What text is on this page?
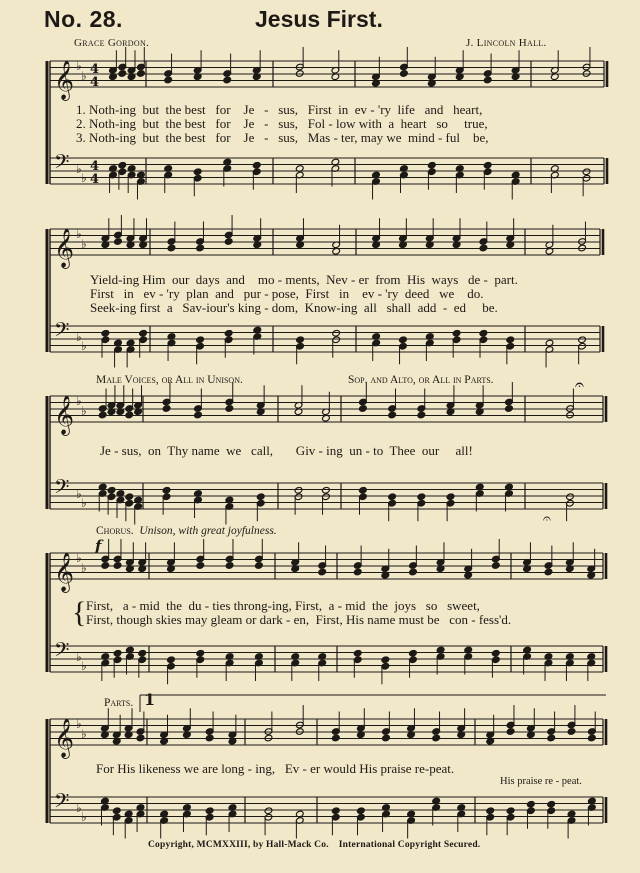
No. 28.	Jesus First.
Grace Gordon.	J. Lincoln Hall.
𝄞
𝄢
♭
♭
♭
♭
4
4
4
4
𝄞
𝄢
♭
♭
♭
♭
𝄞
𝄢
♭
♭
♭
♭
𝄞
𝄢
♭
♭
♭
♭
𝄞
𝄢
♭
♭
♭
♭
1
f
𝄐
𝄐
1. Noth-ing  but  the best   for    Je   -   sus,   First  in  ev - 'ry  life   and   heart,
2. Noth-ing  but  the best   for    Je   -   sus,   Fol - low with  a  heart   so     true,
3. Noth-ing  but  the best   for    Je   -   sus,   Mas - ter, may we  mind - ful    be,
Yield-ing Him  our  days  and    mo - ments,  Nev - er  from  His  ways   de -  part.
First   in   ev - 'ry  plan  and   pur - pose,  First   in    ev - 'ry  deed   we    do.
Seek-ing first  a   Sav-iour's king - dom,  Know-ing  all   shall  add  -  ed     be.
Male Voices, or All in Unison.	Sop. and Alto, or All in Parts.
Je - sus,  on  Thy name  we   call,       Giv - ing  un - to  Thee  our     all!
Chorus. Unison, with great joyfulness.
{ First,   a - mid  the  du - ties throng-ing, First,  a - mid  the  joys   so   sweet,
First, though skies may gleam or dark - en,  First, His name must be   con - fess'd.
Parts.
For His likeness we are long - ing,   Ev - er would His praise re-peat.
His praise re - peat.
Copyright, MCMXXIII, by Hall-Mack Co. International Copyright Secured.
